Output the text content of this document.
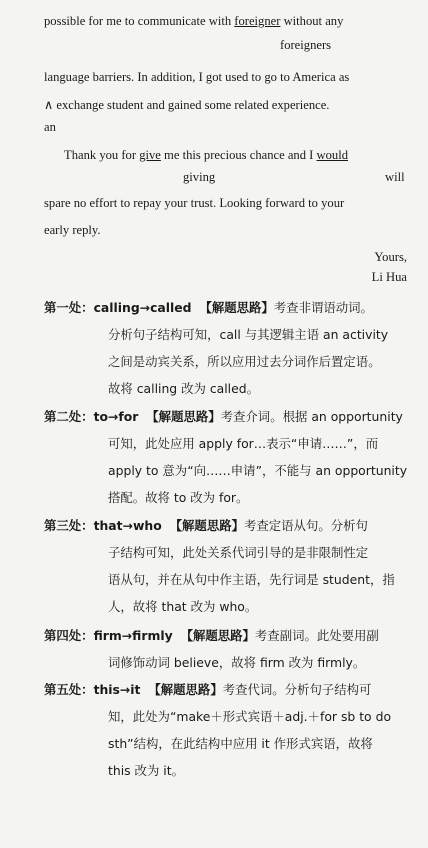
possible for me to communicate with foreigner without any
foreigners
language barriers. In addition, I got used to go to America as
∧ exchange student and gained some related experience.
an
Thank you for give me this precious chance and I would
giving	will
spare no effort to repay your trust. Looking forward to your
early reply.
Yours,
Li Hua
第一处：calling→called 【解题思路】考查非谓语动词。
分析句子结构可知，call 与其逻辑主语 an activity
之间是动宾关系，所以应用过去分词作后置定语。
故将 calling 改为 called。
第二处：to→for 【解题思路】考查介词。根据 an opportunity
可知，此处应用 apply for…表示“申请……”，而
apply to 意为“向……申请”，不能与 an opportunity
搭配。故将 to 改为 for。
第三处：that→who 【解题思路】考查定语从句。分析句
子结构可知，此处关系代词引导的是非限制性定
语从句，并在从句中作主语，先行词是 student，指
人，故将 that 改为 who。
第四处：firm→firmly 【解题思路】考查副词。此处要用副
词修饰动词 believe，故将 firm 改为 firmly。
第五处：this→it 【解题思路】考查代词。分析句子结构可
知，此处为“make＋形式宾语＋adj.＋for sb to do
sth”结构，在此结构中应用 it 作形式宾语，故将
this 改为 it。
